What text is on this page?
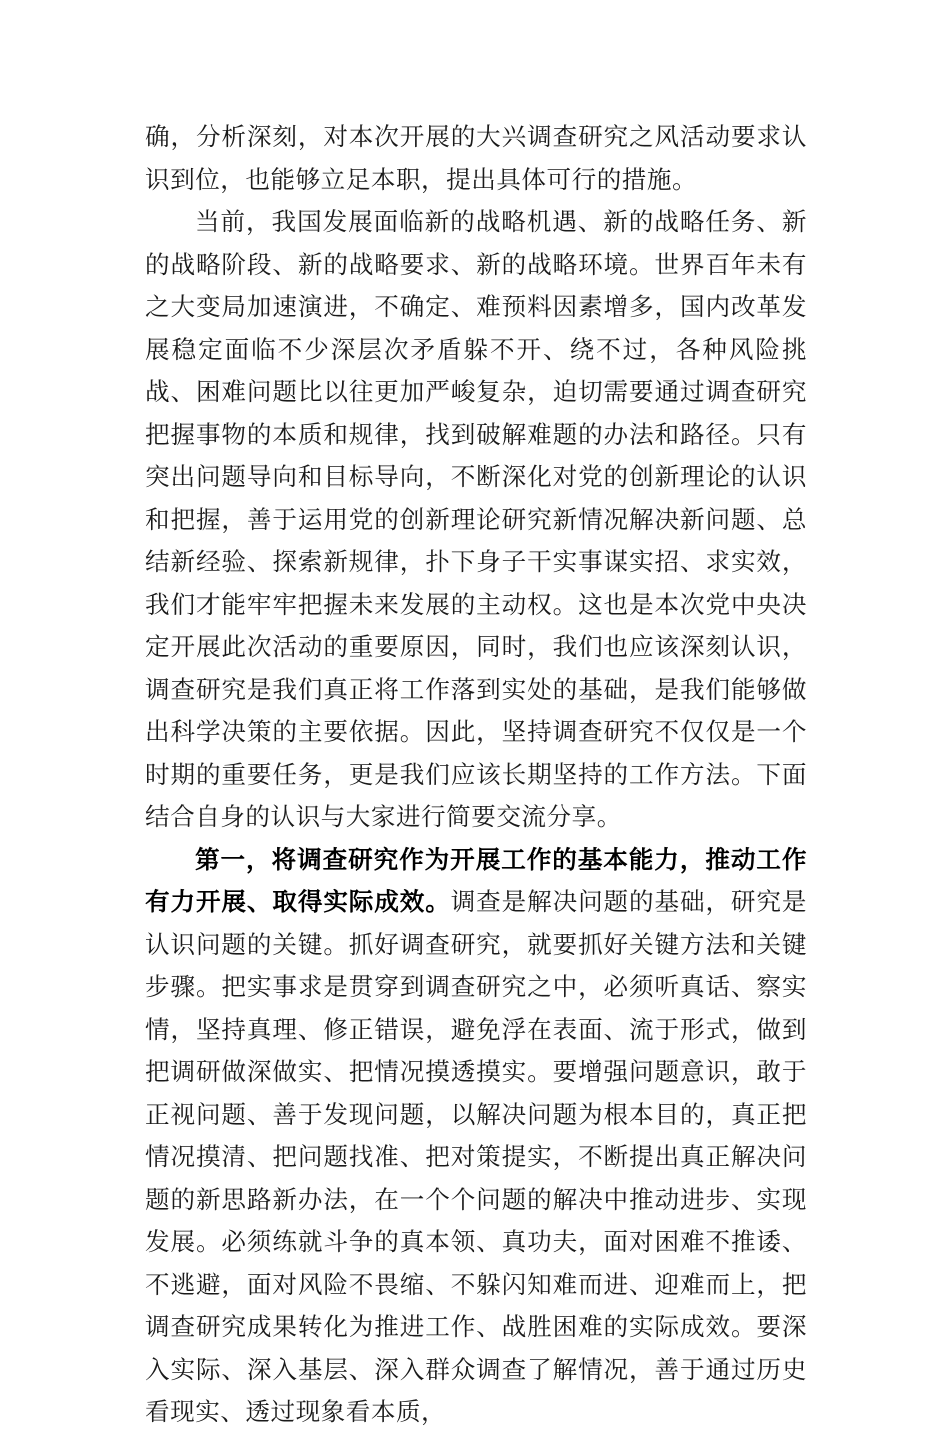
确，分析深刻，对本次开展的大兴调查研究之风活动要求认识到位，也能够立足本职，提出具体可行的措施。

当前，我国发展面临新的战略机遇、新的战略任务、新的战略阶段、新的战略要求、新的战略环境。世界百年未有之大变局加速演进，不确定、难预料因素增多，国内改革发展稳定面临不少深层次矛盾躲不开、绕不过，各种风险挑战、困难问题比以往更加严峻复杂，迫切需要通过调查研究把握事物的本质和规律，找到破解难题的办法和路径。只有突出问题导向和目标导向，不断深化对党的创新理论的认识和把握，善于运用党的创新理论研究新情况解决新问题、总结新经验、探索新规律，扑下身子干实事谋实招、求实效，我们才能牢牢把握未来发展的主动权。这也是本次党中央决定开展此次活动的重要原因，同时，我们也应该深刻认识，调查研究是我们真正将工作落到实处的基础，是我们能够做出科学决策的主要依据。因此，坚持调查研究不仅仅是一个时期的重要任务，更是我们应该长期坚持的工作方法。下面结合自身的认识与大家进行简要交流分享。

第一，将调查研究作为开展工作的基本能力，推动工作有力开展、取得实际成效。调查是解决问题的基础，研究是认识问题的关键。抓好调查研究，就要抓好关键方法和关键步骤。把实事求是贯穿到调查研究之中，必须听真话、察实情，坚持真理、修正错误，避免浮在表面、流于形式，做到把调研做深做实、把情况摸透摸实。要增强问题意识，敢于正视问题、善于发现问题，以解决问题为根本目的，真正把情况摸清、把问题找准、把对策提实，不断提出真正解决问题的新思路新办法，在一个个问题的解决中推动进步、实现发展。必须练就斗争的真本领、真功夫，面对困难不推诿、不逃避，面对风险不畏缩、不躲闪知难而进、迎难而上，把调查研究成果转化为推进工作、战胜困难的实际成效。要深入实际、深入基层、深入群众调查了解情况，善于通过历史看现实、透过现象看本质，
